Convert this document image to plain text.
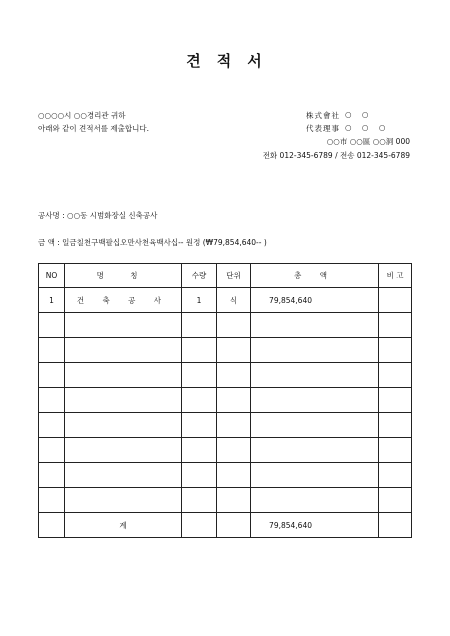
견 적 서
○○○○시 ○○경리관 귀하
아래와 같이 견적서를 제출합니다.
株式會社 ○ ○
代表理事 ○ ○ ○
○○市 ○○區 ○○洞 000
전화 012-345-6789 / 전송 012-345-6789
공사명 : ○○동 시범화장실 신축공사
금 액 : 일금칠천구백팔십오만사천육백사십-- 원정 (₩79,854,640-- )
NO	명 칭	수량	단위	총 액	비 고
1	건 축 공 사	1	식	79,854,640	

	계			79,854,640	
